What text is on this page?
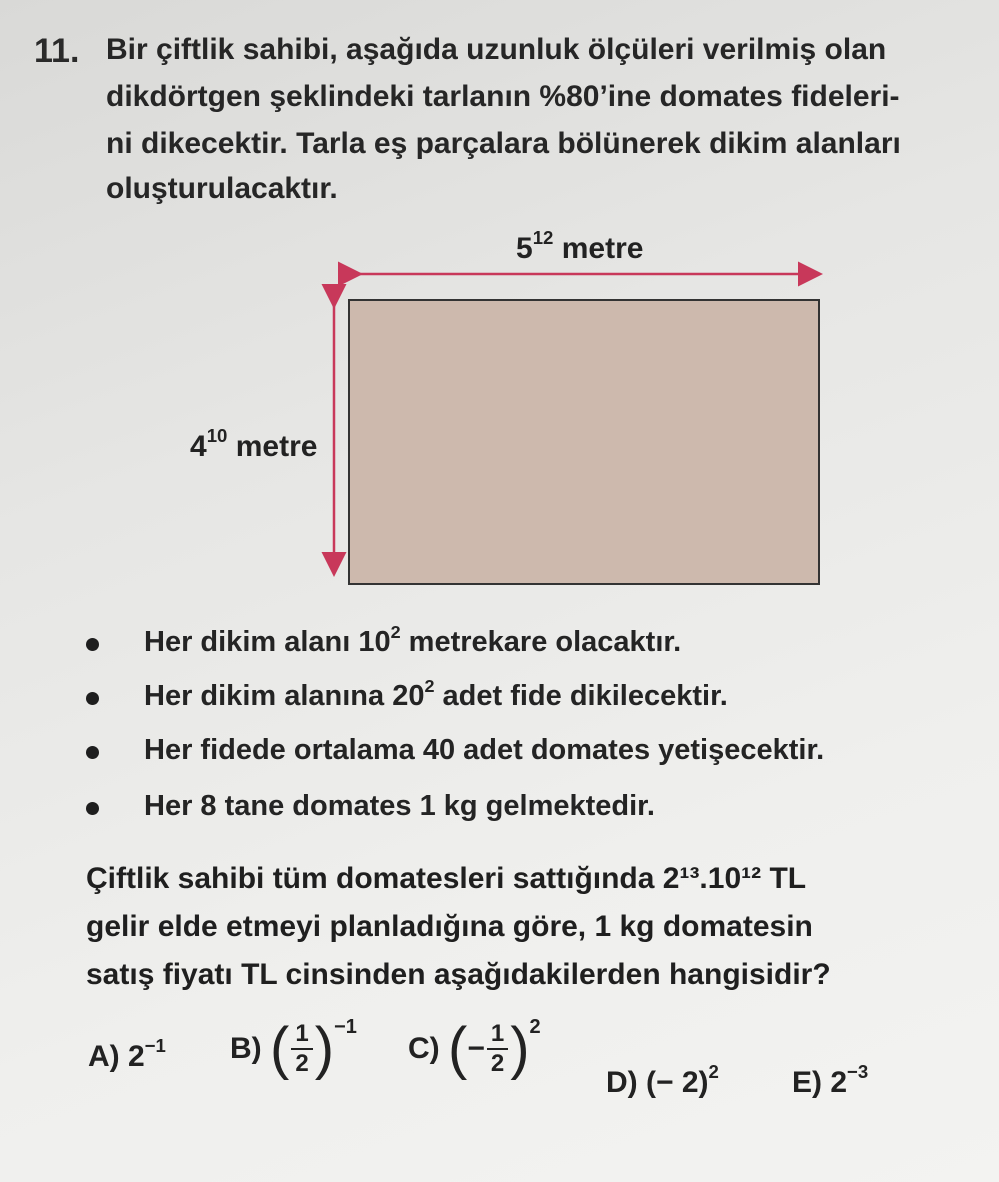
11. Bir çiftlik sahibi, aşağıda uzunluk ölçüleri verilmiş olan
dikdörtgen şeklindeki tarlanın %80’ine domates fideleri-
ni dikecektir. Tarla eş parçalara bölünerek dikim alanları
oluşturulacaktır.
$5^{12}$ metre
$4^{10}$ metre
Her dikim alanı $10^2$ metrekare olacaktır.
Her dikim alanına $20^2$ adet fide dikilecektir.
Her fidede ortalama 40 adet domates yetişecektir.
Her 8 tane domates 1 kg gelmektedir.
Çiftlik sahibi tüm domatesleri sattığında 2¹³.10¹² TL
gelir elde etmeyi planladığına göre, 1 kg domatesin
satış fiyatı TL cinsinden aşağıdakilerden hangisidir?
A) $2^{-1}$ B) ( $\frac{1}{2} )^{-1}$
C) (− $\frac{1}{2} )^2$
D) (− 2)$^2$ E) $2^{-3}$
